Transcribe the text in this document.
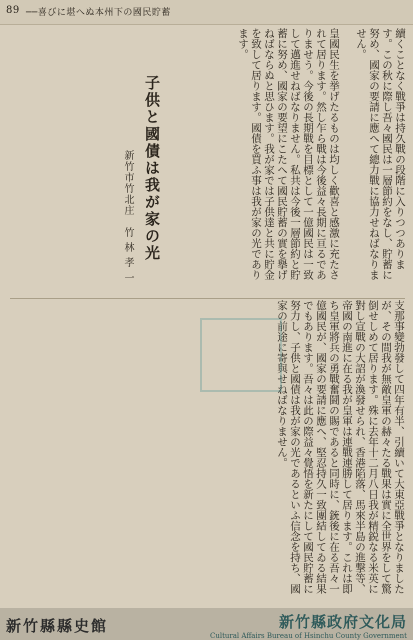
89 ──喜びに堪へぬ本州下の國民貯蓄
續くことなく戰爭は持久戰の段階に入りつつあります。この秋に際し吾々國民は一層節約をなし、貯蓄に努め、國家の要請に應へて總力戰に協力せねばなりません。
皇國民生を挙げたるものは均しく歡喜と感激に充たされて居ります。然し乍ら戰は今後益々長期に亘るでありませう。今後の長期戰を目標として一億國民は一致して邁進せねばなりません。私共は今後一層節約と貯蓄に努め、國家の要望にこたへて國民貯蓄の實を擧げねばならぬと思ひます。我が家では子供達と共に貯金を致して居ります。國債を買ふ事は我が家の光であります。
子供と國債は我が家の光
新竹市竹北庄　竹 林 孝 一
支那事變勃發して四年有半、引續いて大東亞戰爭となりましたが、その間我が無敵皇軍の赫々たる戰果は實に全世界をして驚倒せしめて居ります。殊に去年十二月八日我が精鋭なる米英に對し宣戰の大詔が渙發せられ、香港陷落、馬來半島の進撃等、帝國の南進に在る我が皇軍は連戰連勝して居ります。これは即ち皇軍將兵の勇戰奮鬪の賜であると同時に、銃後に在る吾々一億國民が、國家の要請に應へ、堅忍持久一致團結してゐる結果でもあります。吾々は此の際益々覺悟を新たにして國民貯蓄に努力し、子供と國債は我が家の光であるといふ信念を持ち、國家の前途に寄與せねばなりません。
新竹縣縣史館	新竹縣政府文化局
Cultural Affairs Bureau of Hsinchu County Government
